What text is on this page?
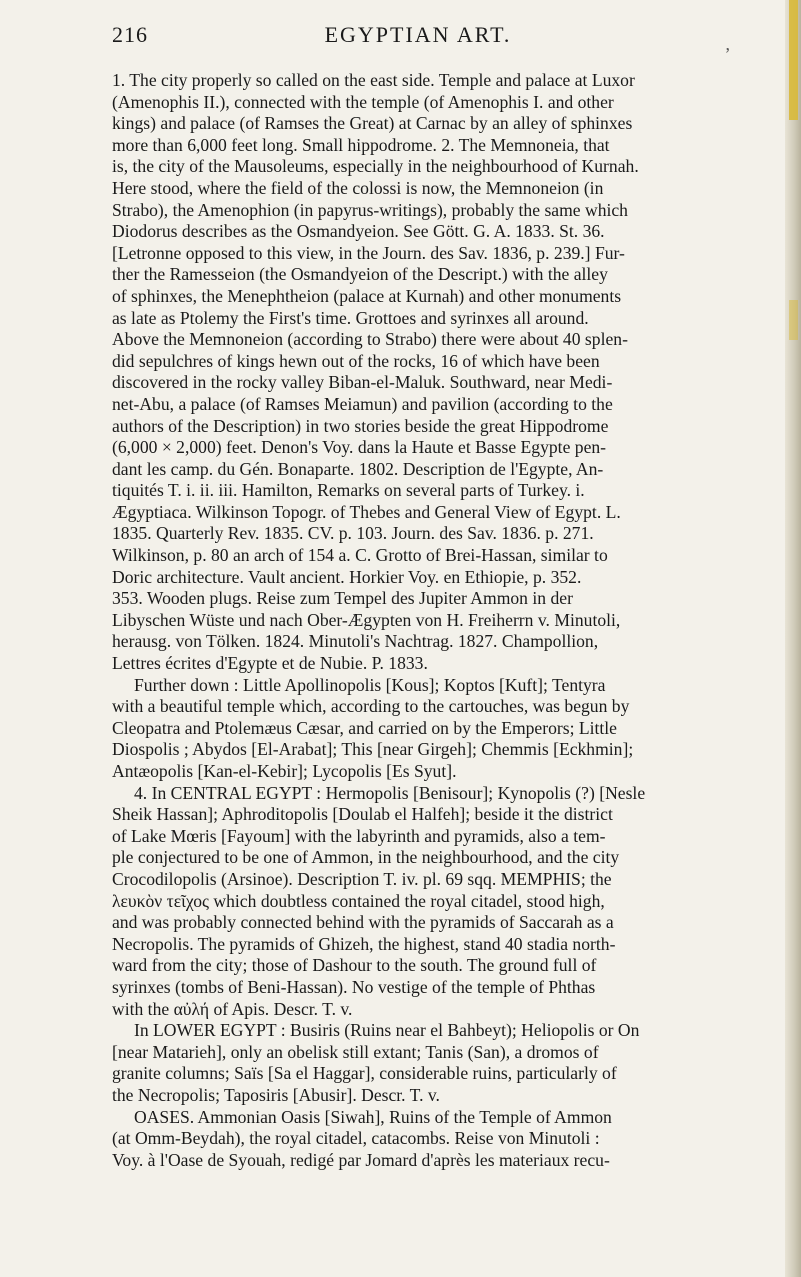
216	EGYPTIAN ART.	,
1. The city properly so called on the east side. Temple and palace at Luxor
(Amenophis II.), connected with the temple (of Amenophis I. and other
kings) and palace (of Ramses the Great) at Carnac by an alley of sphinxes
more than 6,000 feet long. Small hippodrome. 2. The Memnoneia, that
is, the city of the Mausoleums, especially in the neighbourhood of Kurnah.
Here stood, where the field of the colossi is now, the Memnoneion (in
Strabo), the Amenophion (in papyrus-writings), probably the same which
Diodorus describes as the Osmandyeion. See Gött. G. A. 1833. St. 36.
[Letronne opposed to this view, in the Journ. des Sav. 1836, p. 239.] Fur-
ther the Ramesseion (the Osmandyeion of the Descript.) with the alley
of sphinxes, the Menephtheion (palace at Kurnah) and other monuments
as late as Ptolemy the First's time. Grottoes and syrinxes all around.
Above the Memnoneion (according to Strabo) there were about 40 splen-
did sepulchres of kings hewn out of the rocks, 16 of which have been
discovered in the rocky valley Biban-el-Maluk. Southward, near Medi-
net-Abu, a palace (of Ramses Meiamun) and pavilion (according to the
authors of the Description) in two stories beside the great Hippodrome
(6,000 × 2,000) feet. Denon's Voy. dans la Haute et Basse Egypte pen-
dant les camp. du Gén. Bonaparte. 1802. Description de l'Egypte, An-
tiquités T. i. ii. iii. Hamilton, Remarks on several parts of Turkey. i.
Ægyptiaca. Wilkinson Topogr. of Thebes and General View of Egypt. L.
1835. Quarterly Rev. 1835. CV. p. 103. Journ. des Sav. 1836. p. 271.
Wilkinson, p. 80 an arch of 154 a. C. Grotto of Brei-Hassan, similar to
Doric architecture. Vault ancient. Horkier Voy. en Ethiopie, p. 352.
353. Wooden plugs. Reise zum Tempel des Jupiter Ammon in der
Libyschen Wüste und nach Ober-Ægypten von H. Freiherrn v. Minutoli,
herausg. von Tölken. 1824. Minutoli's Nachtrag. 1827. Champollion,
Lettres écrites d'Egypte et de Nubie. P. 1833.
Further down : Little Apollinopolis [Kous]; Koptos [Kuft]; Tentyra
with a beautiful temple which, according to the cartouches, was begun by
Cleopatra and Ptolemæus Cæsar, and carried on by the Emperors; Little
Diospolis ; Abydos [El-Arabat]; This [near Girgeh]; Chemmis [Eckhmin];
Antæopolis [Kan-el-Kebir]; Lycopolis [Es Syut].
4. In CENTRAL EGYPT : Hermopolis [Benisour]; Kynopolis (?) [Nesle
Sheik Hassan]; Aphroditopolis [Doulab el Halfeh]; beside it the district
of Lake Mœris [Fayoum] with the labyrinth and pyramids, also a tem-
ple conjectured to be one of Ammon, in the neighbourhood, and the city
Crocodilopolis (Arsinoe). Description T. iv. pl. 69 sqq. MEMPHIS; the
λευκὸν τεῖχος which doubtless contained the royal citadel, stood high,
and was probably connected behind with the pyramids of Saccarah as a
Necropolis. The pyramids of Ghizeh, the highest, stand 40 stadia north-
ward from the city; those of Dashour to the south. The ground full of
syrinxes (tombs of Beni-Hassan). No vestige of the temple of Phthas
with the αὐλή of Apis. Descr. T. v.
In LOWER EGYPT : Busiris (Ruins near el Bahbeyt); Heliopolis or On
[near Matarieh], only an obelisk still extant; Tanis (San), a dromos of
granite columns; Saïs [Sa el Haggar], considerable ruins, particularly of
the Necropolis; Taposiris [Abusir]. Descr. T. v.
OASES. Ammonian Oasis [Siwah], Ruins of the Temple of Ammon
(at Omm-Beydah), the royal citadel, catacombs. Reise von Minutoli :
Voy. à l'Oase de Syouah, redigé par Jomard d'après les materiaux recu-
